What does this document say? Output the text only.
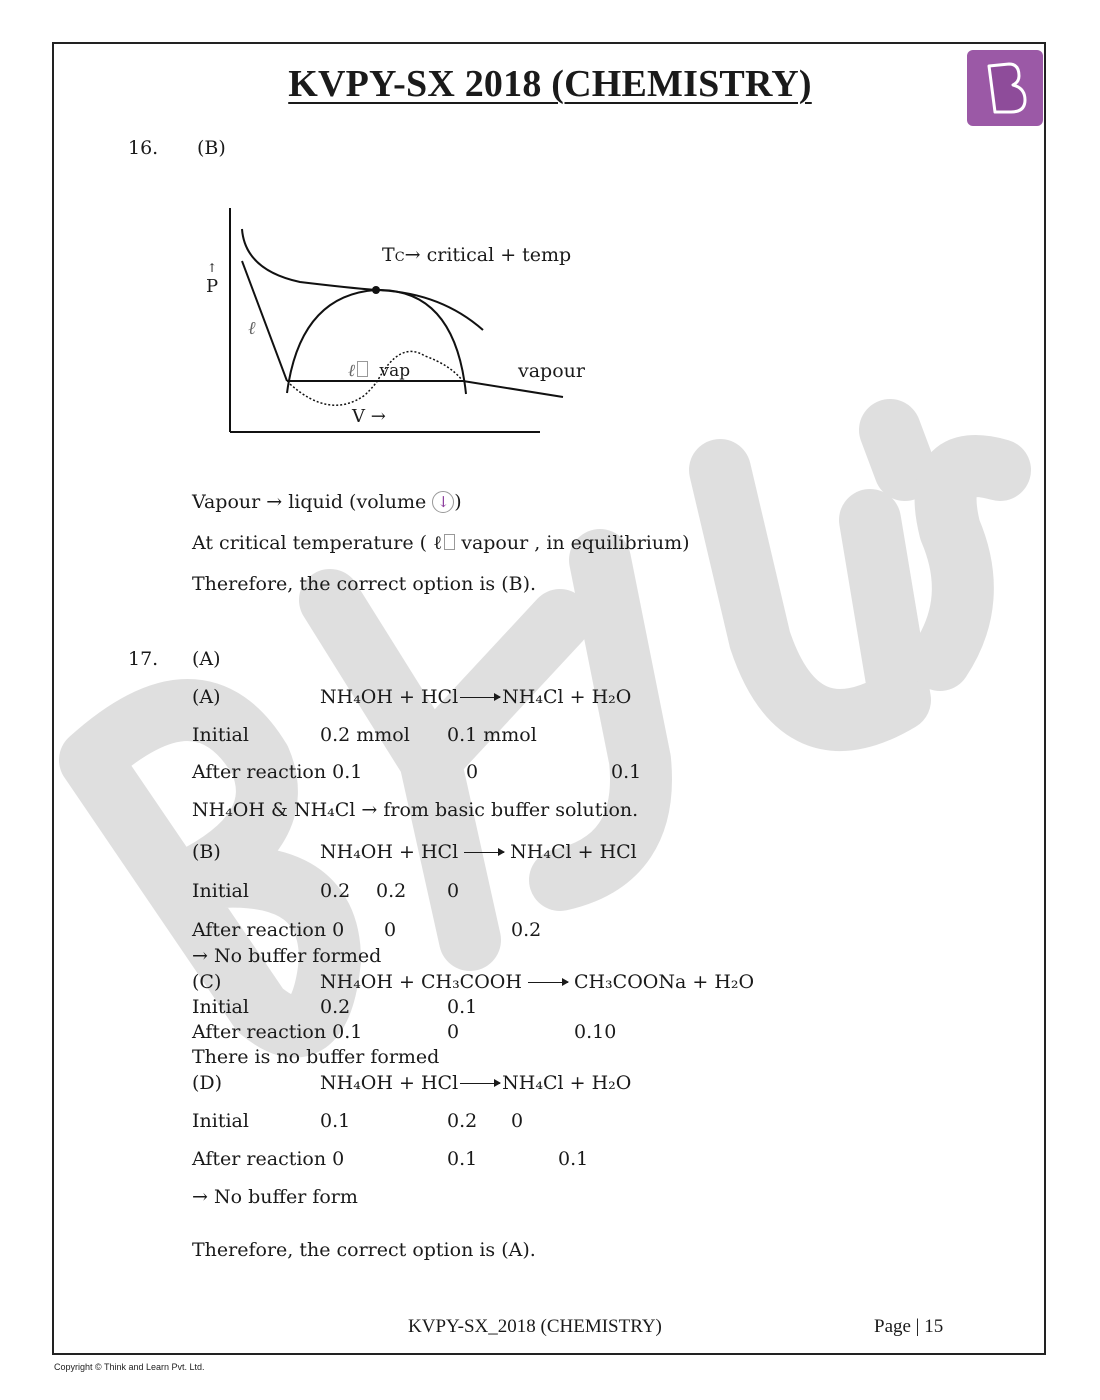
KVPY-SX 2018 (CHEMISTRY)
16. (B)
↑
P
TC→ critical + temp
ℓ
ℓ vap	vapour
V →
Vapour → liquid (volume ↓ )
At critical temperature ( ℓ vapour , in equilibrium)
Therefore, the correct option is (B).
17. (A)
(A)	NH₄OH + HCl → NH₄Cl + H₂O
Initial	0.2 mmol 0.1 mmol
After reaction 0.1	0	0.1
NH₄OH & NH₄Cl → from basic buffer solution.
(B)	NH₄OH + HCl → NH₄Cl + HCl
Initial	0.2 0.2 0
After reaction 0 0	0.2
→ No buffer formed
(C)	NH₄OH + CH₃COOH → CH₃COONa + H₂O
Initial	0.2	0.1
After reaction 0.1	0	0.10
There is no buffer formed
(D)	NH₄OH + HCl → NH₄Cl + H₂O
Initial	0.1	0.2 0
After reaction 0	0.1	0.1
→ No buffer form
Therefore, the correct option is (A).
KVPY-SX_2018 (CHEMISTRY)	Page | 15
Copyright © Think and Learn Pvt. Ltd.
